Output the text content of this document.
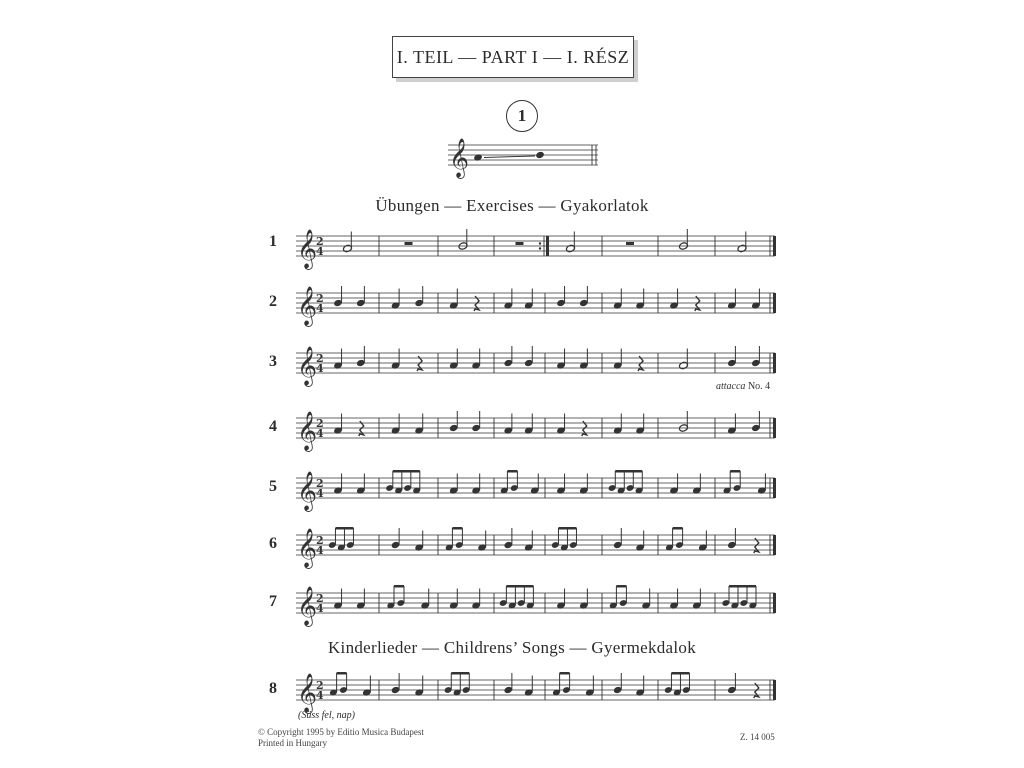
I. TEIL — PART I — I. RÉSZ
1
Übungen — Exercises — Gyakorlatok
Kinderlieder — Childrens’ Songs — Gyermekdalok
1
2
3
4
5
6
7
8
attacca No. 4
(Süss fel, nap)
© Copyright 1995 by Editio Musica Budapest
Printed in Hungary
Z. 14 005
𝄞
𝄞
2
4
𝄞
2
4
𝄞
2
4
𝄞
2
4
𝄞
2
4
𝄞
2
4
𝄞
2
4
𝄞
2
4
